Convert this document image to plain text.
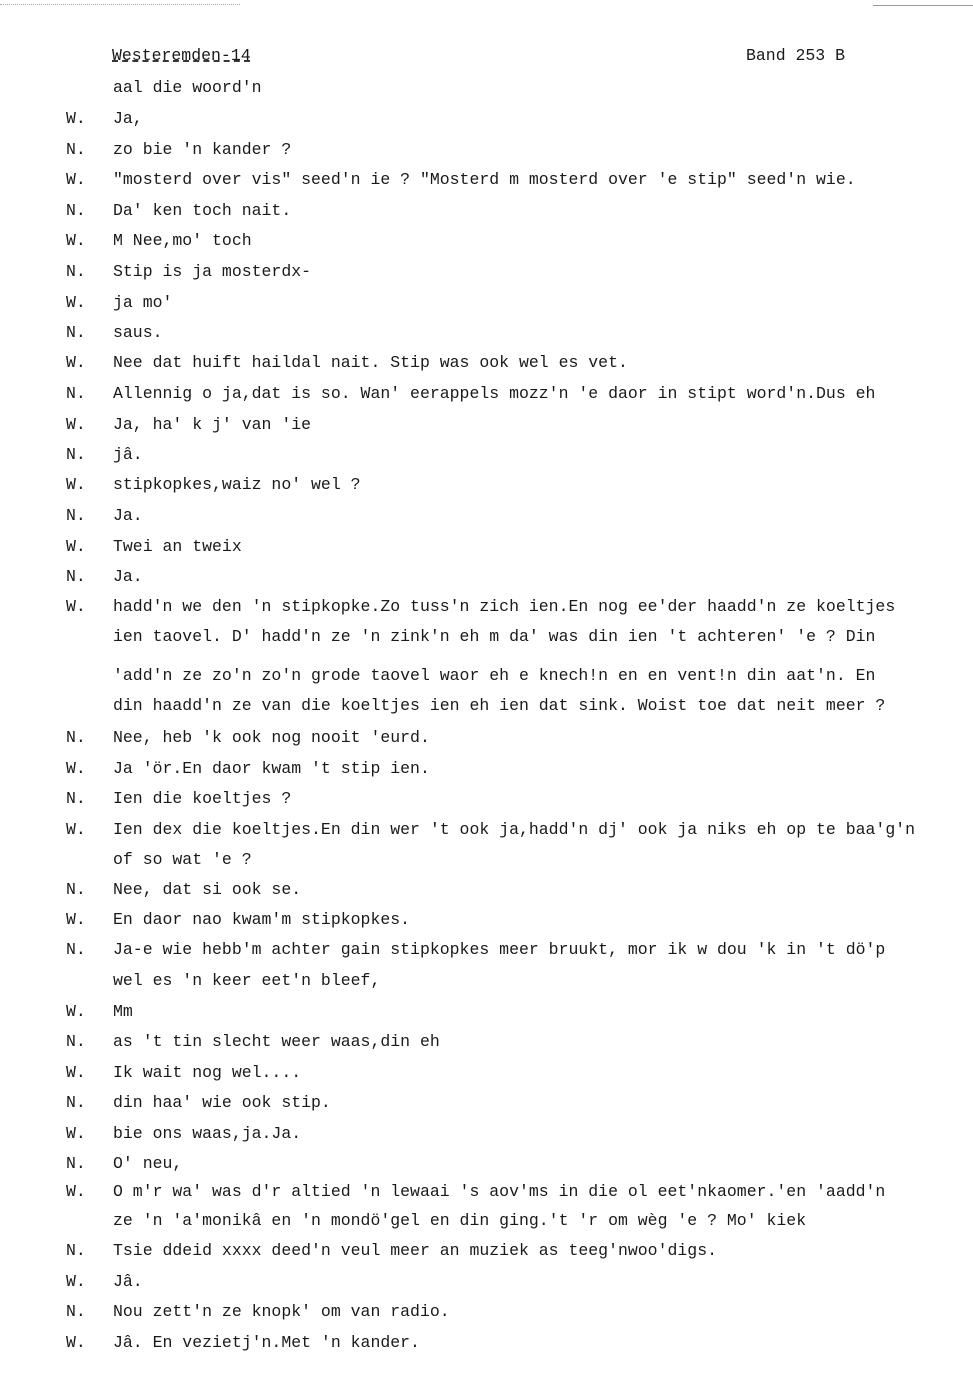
Westeremden-14	Band 253 B
aal die woord'n
W.	Ja,
N.	zo bie 'n kander ?
W.	"mosterd over vis" seed'n ie ? "Mosterd m mosterd over 'e stip" seed'n wie.
N.	Da' ken toch nait.
W.	M Nee,mo' toch
N.	Stip is ja mosterdx-
W.	ja mo'
N.	saus.
W.	Nee dat huift haildal nait. Stip was ook wel es vet.
N.	Allennig o ja,dat is so. Wan' eerappels mozz'n 'e daor in stipt word'n.Dus eh
W.	Ja, ha' k j' van 'ie
N.	jâ.
W.	stipkopkes,waiz no' wel ?
N.	Ja.
W.	Twei an tweix
N.	Ja.
W.	hadd'n we den 'n stipkopke.Zo tuss'n zich ien.En nog ee'der haadd'n ze koeltjes
ien taovel. D' hadd'n ze 'n zink'n eh m da' was din ien 't achteren' 'e ? Din
'add'n ze zo'n zo'n grode taovel waor eh e knech!n en en vent!n din aat'n. En
din haadd'n ze van die koeltjes ien eh ien dat sink. Woist toe dat neit meer ?
N.	Nee, heb 'k ook nog nooit 'eurd.
W.	Ja 'ör.En daor kwam 't stip ien.
N.	Ien die koeltjes ?
W.	Ien dex die koeltjes.En din wer 't ook ja,hadd'n dj' ook ja niks eh op te baa'g'n
of so wat 'e ?
N.	Nee, dat si ook se.
W.	En daor nao kwam'm stipkopkes.
N.	Ja-e wie hebb'm achter gain stipkopkes meer bruukt, mor ik w dou 'k in 't dö'p
wel es 'n keer eet'n bleef,
W.	Mm
N.	as 't tin slecht weer waas,din eh
W.	Ik wait nog wel....
N.	din haa' wie ook stip.
W.	bie ons waas,ja.Ja.
N.	O' neu,
W.	O m'r wa' was d'r altied 'n lewaai 's aov'ms in die ol eet'nkaomer.'en 'aadd'n
ze 'n 'a'monikâ en 'n mondö'gel en din ging.'t 'r om wèg 'e ? Mo' kiek
N.	Tsie ddeid xxxx deed'n veul meer an muziek as teeg'nwoo'digs.
W.	Jâ.
N.	Nou zett'n ze knopk' om van radio.
W.	Jâ. En vezietj'n.Met 'n kander.
